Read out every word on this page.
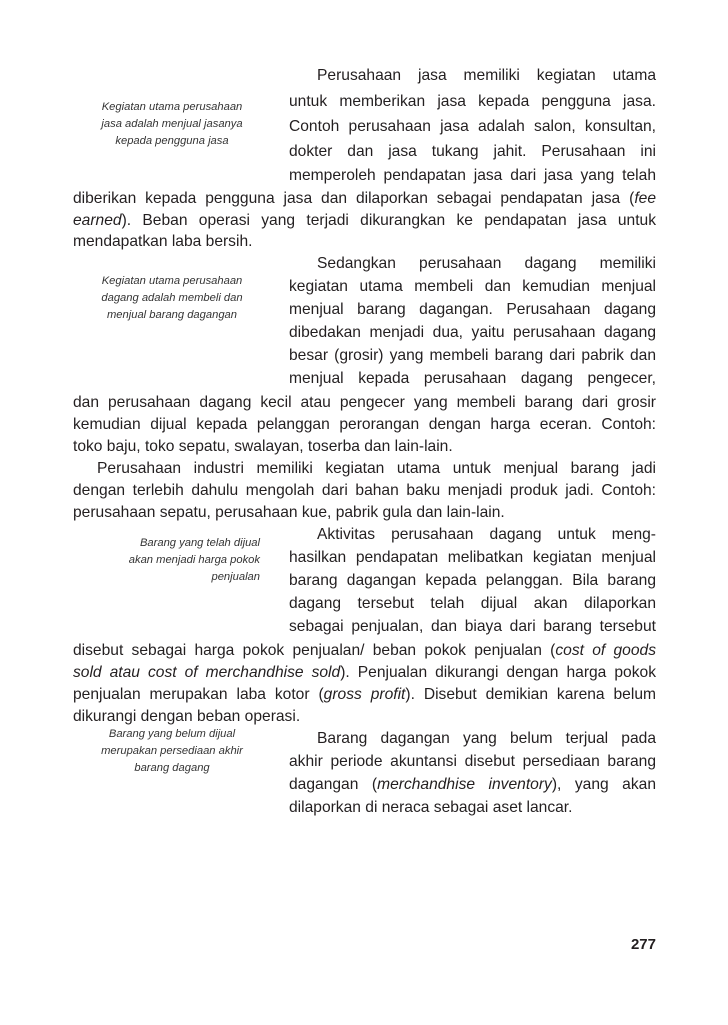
Kegiatan utama perusahaan
jasa adalah menjual jasanya
kepada pengguna jasa
Kegiatan utama perusahaan
dagang adalah membeli dan
menjual barang dagangan
Barang yang telah dijual
akan menjadi harga pokok
penjualan
Barang yang belum dijual
merupakan persediaan akhir
barang dagang
Perusahaan jasa memiliki kegiatan utama
untuk memberikan jasa kepada pengguna jasa.
Contoh perusahaan jasa adalah salon, konsultan,
dokter dan jasa tukang jahit. Perusahaan ini
memperoleh pendapatan jasa dari jasa yang telah
diberikan kepada pengguna jasa dan dilaporkan sebagai pendapatan jasa (fee
earned). Beban operasi yang terjadi dikurangkan ke pendapatan jasa untuk
mendapatkan laba bersih.
Sedangkan perusahaan dagang memiliki
kegiatan utama membeli dan kemudian menjual
menjual barang dagangan. Perusahaan dagang
dibedakan menjadi dua, yaitu perusahaan dagang
besar (grosir) yang membeli barang dari pabrik dan
menjual kepada perusahaan dagang pengecer,
dan perusahaan dagang kecil atau pengecer yang membeli barang dari grosir
kemudian dijual kepada pelanggan perorangan dengan harga eceran. Contoh:
toko baju, toko sepatu, swalayan, toserba dan lain-lain.
Perusahaan industri memiliki kegiatan utama untuk menjual barang jadi
dengan terlebih dahulu mengolah dari bahan baku menjadi produk jadi. Contoh:
perusahaan sepatu, perusahaan kue, pabrik gula dan lain-lain.
Aktivitas perusahaan dagang untuk meng-
hasilkan pendapatan melibatkan kegiatan menjual
barang dagangan kepada pelanggan. Bila barang
dagang tersebut telah dijual akan dilaporkan
sebagai penjualan, dan biaya dari barang tersebut
disebut sebagai harga pokok penjualan/ beban pokok penjualan (cost of goods
sold atau cost of merchandhise sold). Penjualan dikurangi dengan harga pokok
penjualan merupakan laba kotor (gross profit). Disebut demikian karena belum
dikurangi dengan beban operasi.
Barang dagangan yang belum terjual pada
akhir periode akuntansi disebut persediaan barang
dagangan (merchandhise inventory), yang akan
dilaporkan di neraca sebagai aset lancar.
277
